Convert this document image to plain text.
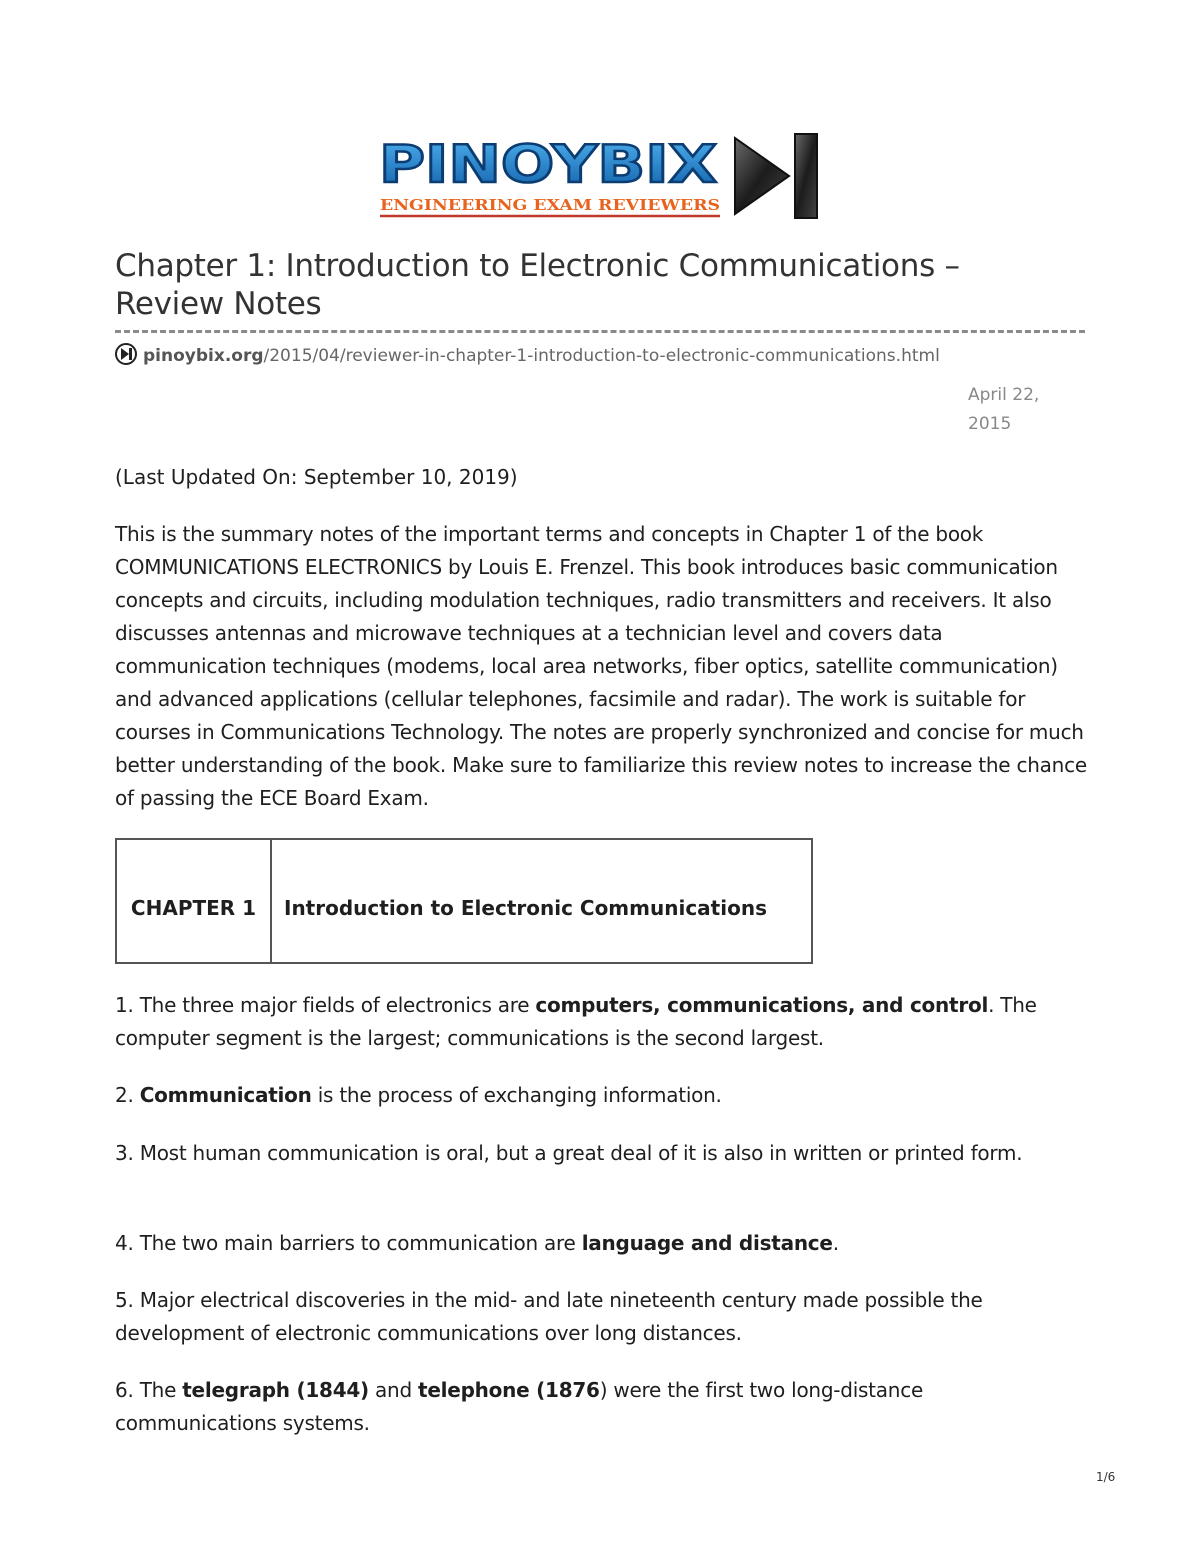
PINOYBIX
ENGINEERING EXAM REVIEWERS
Chapter 1: Introduction to Electronic Communications – Review Notes
pinoybix.org/2015/04/reviewer-in-chapter-1-introduction-to-electronic-communications.html
April 22, 2015

(Last Updated On: September 10, 2019)

This is the summary notes of the important terms and concepts in Chapter 1 of the book COMMUNICATIONS ELECTRONICS by Louis E. Frenzel. This book introduces basic communication concepts and circuits, including modulation techniques, radio transmitters and receivers. It also discusses antennas and microwave techniques at a technician level and covers data communication techniques (modems, local area networks, fiber optics, satellite communication) and advanced applications (cellular telephones, facsimile and radar). The work is suitable for courses in Communications Technology. The notes are properly synchronized and concise for much better understanding of the book. Make sure to familiarize this review notes to increase the chance of passing the ECE Board Exam.

CHAPTER 1	Introduction to Electronic Communications

1. The three major fields of electronics are computers, communications, and control. The computer segment is the largest; communications is the second largest.

2. Communication is the process of exchanging information.

3. Most human communication is oral, but a great deal of it is also in written or printed form.

4. The two main barriers to communication are language and distance.

5. Major electrical discoveries in the mid- and late nineteenth century made possible the development of electronic communications over long distances.

6. The telegraph (1844) and telephone (1876) were the first two long-distance communications systems.

1/6
